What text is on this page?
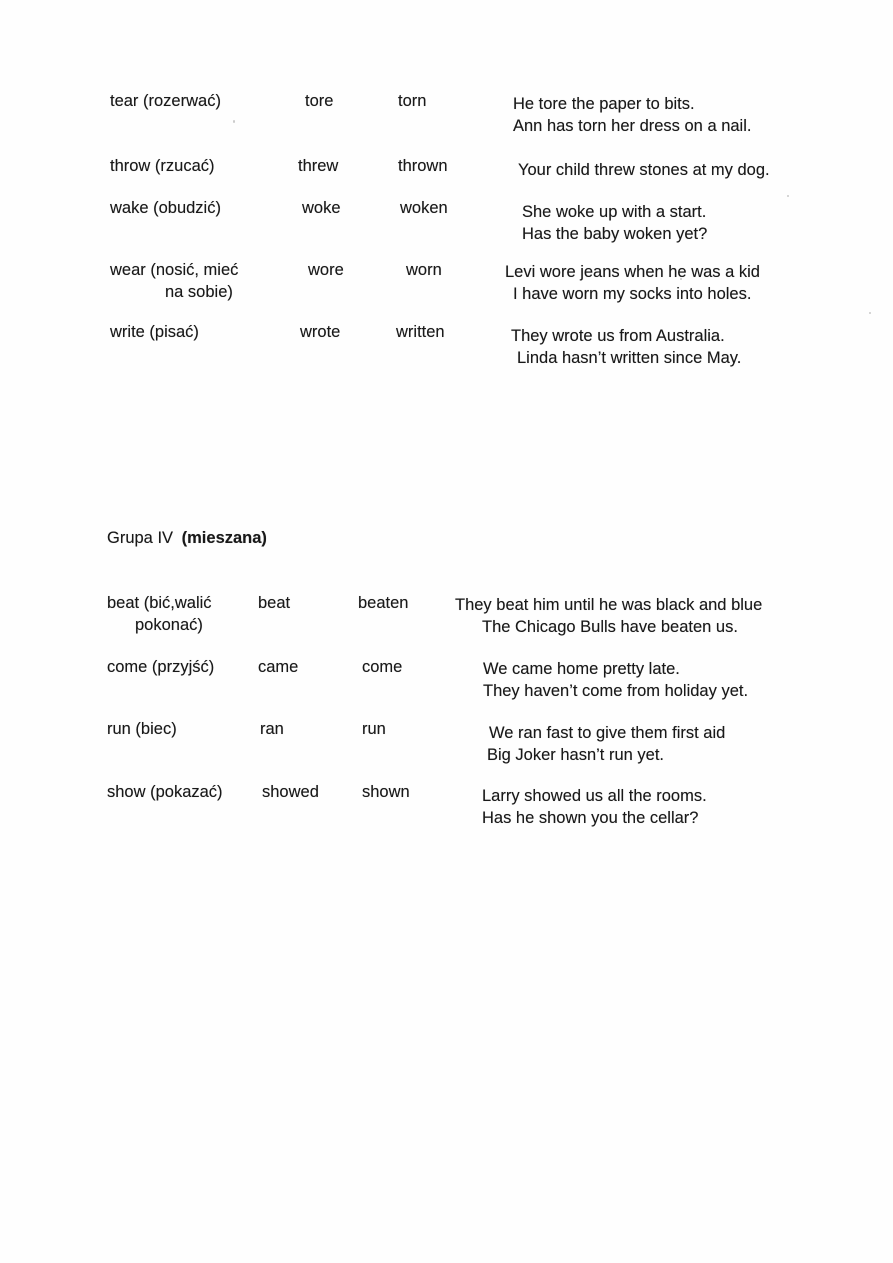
tear (rozerwać)	tore	torn	He tore the paper to bits.
Ann has torn her dress on a nail.
throw (rzucać)	threw	thrown	Your child threw stones at my dog.
wake (obudzić)	woke	woken	She woke up with a start.
Has the baby woken yet?
wear (nosić, mieć
na sobie)
wore	worn	Levi wore jeans when he was a kid
I have worn my socks into holes.
write (pisać)	wrote	written	They wrote us from Australia.
Linda hasn’t written since May.
Grupa IV (mieszana)
beat (bić,walić
pokonać)
beat	beaten	They beat him until he was black and blue
The Chicago Bulls have beaten us.
come (przyjść)	came	come	We came home pretty late.
They haven’t come from holiday yet.
run (biec)	ran	run	We ran fast to give them first aid
Big Joker hasn’t run yet.
show (pokazać) showed	shown	Larry showed us all the rooms.
Has he shown you the cellar?
